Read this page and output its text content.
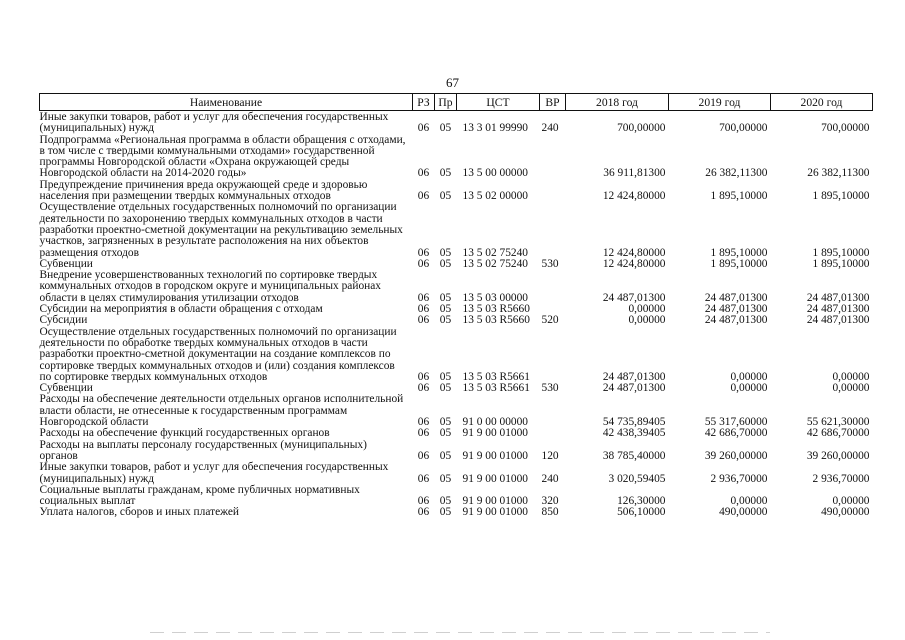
67
Наименование	РЗ	Пр	ЦСТ	ВР	2018 год	2019 год	2020 год
Иные закупки товаров, работ и услуг для обеспечения государственных (муниципальных) нужд	06	05	13 3 01 99990	240	700,00000	700,00000	700,00000
Подпрограмма «Региональная программа в области обращения с отходами, в том числе с твердыми коммунальными отходами» государственной программы Новгородской области «Охрана окружающей среды Новгородской области на 2014-2020 годы»	06	05	13 5 00 00000		36 911,81300	26 382,11300	26 382,11300
Предупреждение причинения вреда окружающей среде и здоровью населения при размещении твердых коммунальных отходов	06	05	13 5 02 00000		12 424,80000	1 895,10000	1 895,10000
Осуществление отдельных государственных полномочий по организации деятельности по захоронению твердых коммунальных отходов в части разработки проектно-сметной документации на рекультивацию земельных участков, загрязненных в результате расположения на них объектов размещения отходов	06	05	13 5 02 75240		12 424,80000	1 895,10000	1 895,10000
Субвенции	06	05	13 5 02 75240	530	12 424,80000	1 895,10000	1 895,10000
Внедрение усовершенствованных технологий по сортировке твердых коммунальных отходов в городском округе и муниципальных районах области в целях стимулирования утилизации отходов	06	05	13 5 03 00000		24 487,01300	24 487,01300	24 487,01300
Субсидии на мероприятия в области обращения с отходам	06	05	13 5 03 R5660		0,00000	24 487,01300	24 487,01300
Субсидии	06	05	13 5 03 R5660	520	0,00000	24 487,01300	24 487,01300
Осуществление отдельных государственных полномочий по организации деятельности по обработке твердых коммунальных отходов в части разработки проектно-сметной документации на создание комплексов по сортировке твердых коммунальных отходов и (или) создания комплексов по сортировке твердых коммунальных отходов	06	05	13 5 03 R5661		24 487,01300	0,00000	0,00000
Субвенции	06	05	13 5 03 R5661	530	24 487,01300	0,00000	0,00000
Расходы на обеспечение деятельности отдельных органов исполнительной власти области, не отнесенные к государственным программам Новгородской области	06	05	91 0 00 00000		54 735,89405	55 317,60000	55 621,30000
Расходы на обеспечение функций государственных органов	06	05	91 9 00 01000		42 438,39405	42 686,70000	42 686,70000
Расходы на выплаты персоналу государственных (муниципальных) органов	06	05	91 9 00 01000	120	38 785,40000	39 260,00000	39 260,00000
Иные закупки товаров, работ и услуг для обеспечения государственных (муниципальных) нужд	06	05	91 9 00 01000	240	3 020,59405	2 936,70000	2 936,70000
Социальные выплаты гражданам, кроме публичных нормативных социальных выплат	06	05	91 9 00 01000	320	126,30000	0,00000	0,00000
Уплата налогов, сборов и иных платежей	06	05	91 9 00 01000	850	506,10000	490,00000	490,00000
